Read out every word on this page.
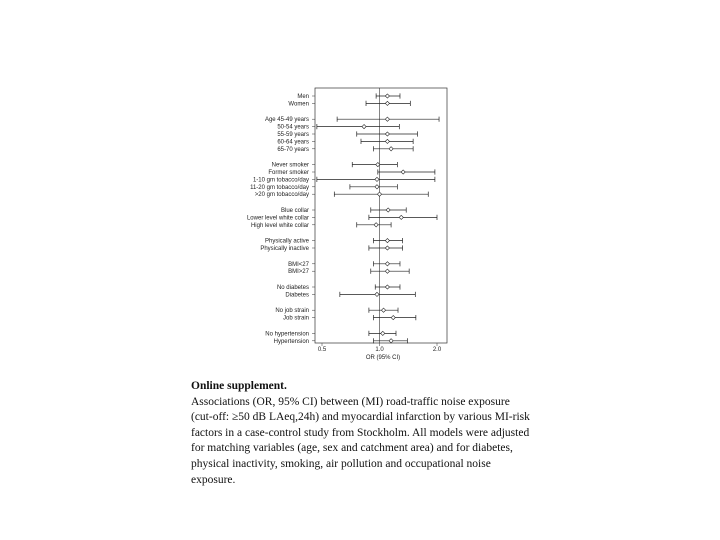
Men
Women
Age 45-49 years
50-54 years
55-59 years
60-64 years
65-70 years
Never smoker
Former smoker
1-10 gm tobacco/day
11-20 gm tobacco/day
>20 gm tobacco/day
Blue collar
Lower level white collar
High level white collar
Physically active
Physically inactive
BMI<27
BMI>27
No diabetes
Diabetes
No job strain
Job strain
No hypertension
Hypertension
0.5	1.0	2.0
OR (95% CI)
Online supplement.
Associations (OR, 95% CI) between (MI) road-traffic noise exposure (cut-off: ≥50 dB LAeq,24h) and myocardial infarction by various MI-risk factors in a case-control study from Stockholm. All models were adjusted for matching variables (age, sex and catchment area) and for diabetes, physical inactivity, smoking, air pollution and occupational noise exposure.
